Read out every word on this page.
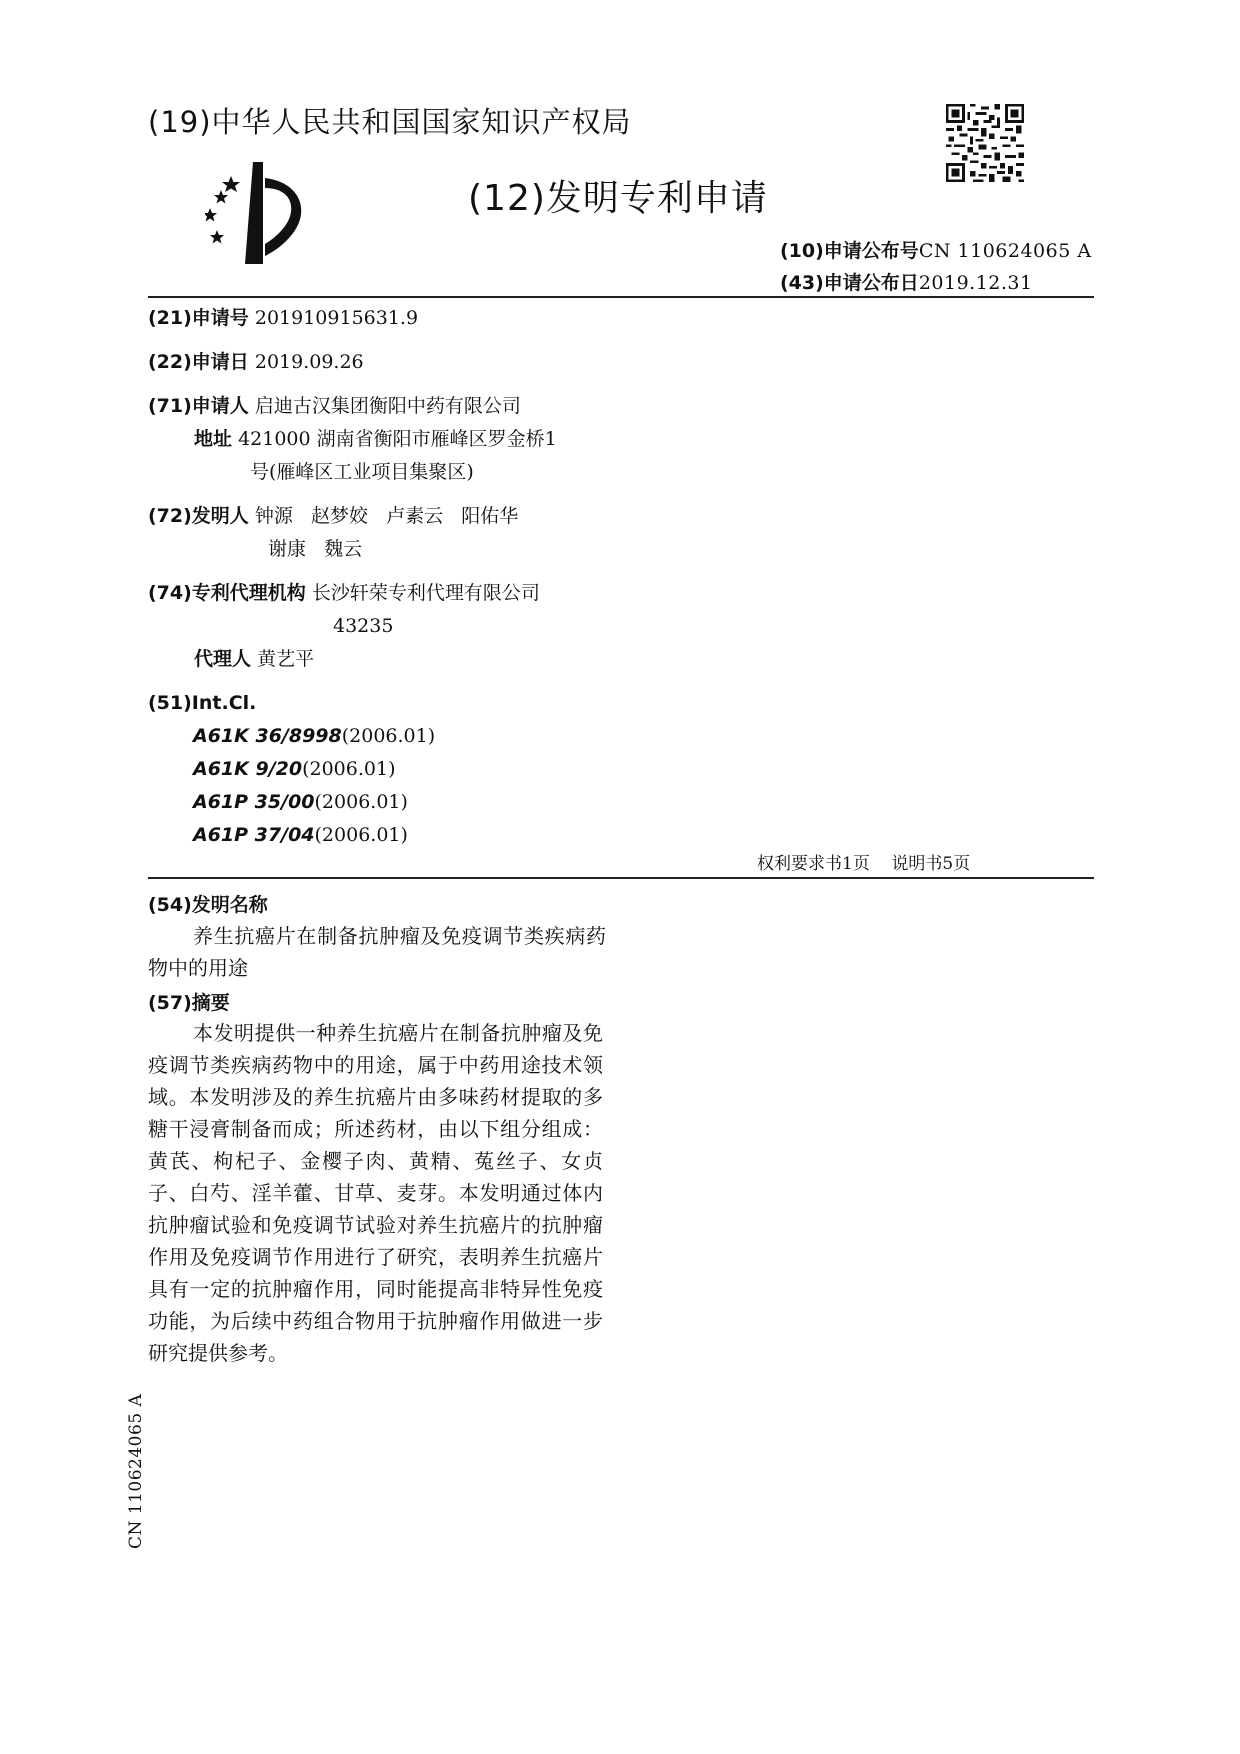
(19)中华人民共和国国家知识产权局
(12)发明专利申请
(10)申请公布号CN 110624065 A
(43)申请公布日2019.12.31
(21)申请号 201910915631.9
(22)申请日 2019.09.26
(71)申请人 启迪古汉集团衡阳中药有限公司
地址 421000 湖南省衡阳市雁峰区罗金桥1
号(雁峰区工业项目集聚区)
(72)发明人 钟源   赵梦姣   卢素云   阳佑华
谢康   魏云
(74)专利代理机构 长沙轩荣专利代理有限公司
43235
代理人 黄艺平
(51)Int.Cl.
A61K 36/8998(2006.01)
A61K 9/20(2006.01)
A61P 35/00(2006.01)
A61P 37/04(2006.01)
权利要求书1页    说明书5页
(54)发明名称
养生抗癌片在制备抗肿瘤及免疫调节类疾病药物中的用途
(57)摘要
本发明提供一种养生抗癌片在制备抗肿瘤及免疫调节类疾病药物中的用途，属于中药用途技术领域。本发明涉及的养生抗癌片由多味药材提取的多糖干浸膏制备而成；所述药材，由以下组分组成：黄芪、枸杞子、金樱子肉、黄精、菟丝子、女贞子、白芍、淫羊藿、甘草、麦芽。本发明通过体内抗肿瘤试验和免疫调节试验对养生抗癌片的抗肿瘤作用及免疫调节作用进行了研究，表明养生抗癌片具有一定的抗肿瘤作用，同时能提高非特异性免疫功能，为后续中药组合物用于抗肿瘤作用做进一步研究提供参考。
CN 110624065 A
